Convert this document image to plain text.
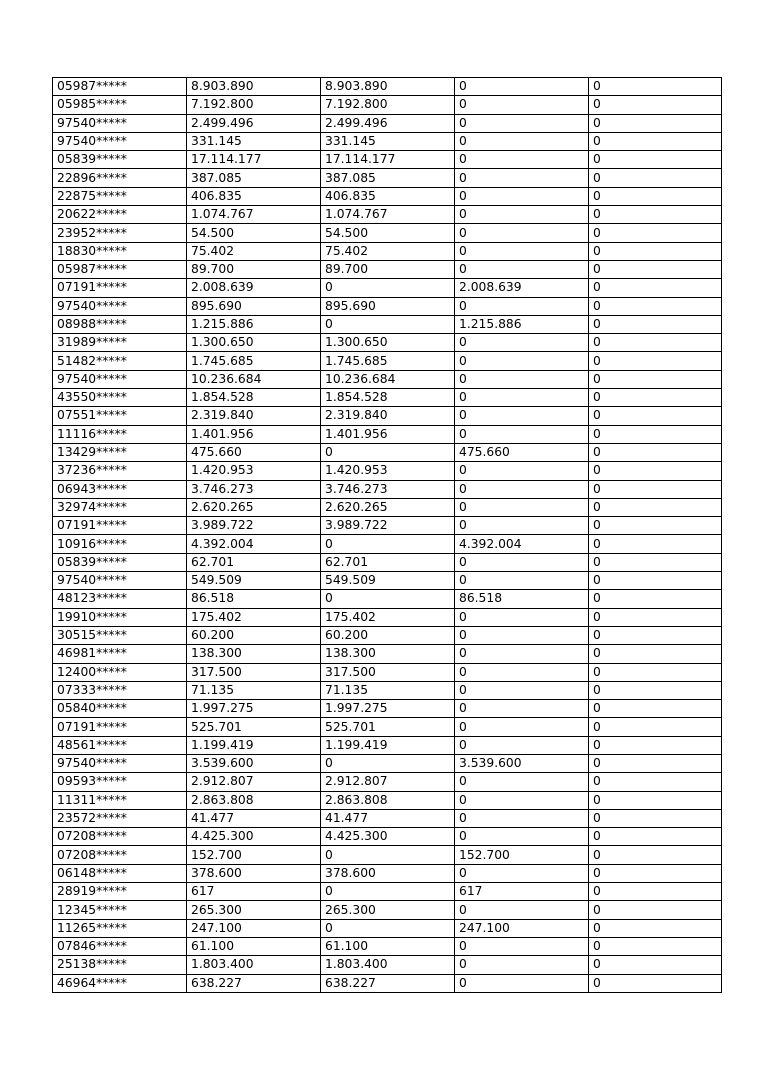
05987*****	8.903.890	8.903.890	0	0
05985*****	7.192.800	7.192.800	0	0
97540*****	2.499.496	2.499.496	0	0
97540*****	331.145	331.145	0	0
05839*****	17.114.177	17.114.177	0	0
22896*****	387.085	387.085	0	0
22875*****	406.835	406.835	0	0
20622*****	1.074.767	1.074.767	0	0
23952*****	54.500	54.500	0	0
18830*****	75.402	75.402	0	0
05987*****	89.700	89.700	0	0
07191*****	2.008.639	0	2.008.639	0
97540*****	895.690	895.690	0	0
08988*****	1.215.886	0	1.215.886	0
31989*****	1.300.650	1.300.650	0	0
51482*****	1.745.685	1.745.685	0	0
97540*****	10.236.684	10.236.684	0	0
43550*****	1.854.528	1.854.528	0	0
07551*****	2.319.840	2.319.840	0	0
11116*****	1.401.956	1.401.956	0	0
13429*****	475.660	0	475.660	0
37236*****	1.420.953	1.420.953	0	0
06943*****	3.746.273	3.746.273	0	0
32974*****	2.620.265	2.620.265	0	0
07191*****	3.989.722	3.989.722	0	0
10916*****	4.392.004	0	4.392.004	0
05839*****	62.701	62.701	0	0
97540*****	549.509	549.509	0	0
48123*****	86.518	0	86.518	0
19910*****	175.402	175.402	0	0
30515*****	60.200	60.200	0	0
46981*****	138.300	138.300	0	0
12400*****	317.500	317.500	0	0
07333*****	71.135	71.135	0	0
05840*****	1.997.275	1.997.275	0	0
07191*****	525.701	525.701	0	0
48561*****	1.199.419	1.199.419	0	0
97540*****	3.539.600	0	3.539.600	0
09593*****	2.912.807	2.912.807	0	0
11311*****	2.863.808	2.863.808	0	0
23572*****	41.477	41.477	0	0
07208*****	4.425.300	4.425.300	0	0
07208*****	152.700	0	152.700	0
06148*****	378.600	378.600	0	0
28919*****	617	0	617	0
12345*****	265.300	265.300	0	0
11265*****	247.100	0	247.100	0
07846*****	61.100	61.100	0	0
25138*****	1.803.400	1.803.400	0	0
46964*****	638.227	638.227	0	0
